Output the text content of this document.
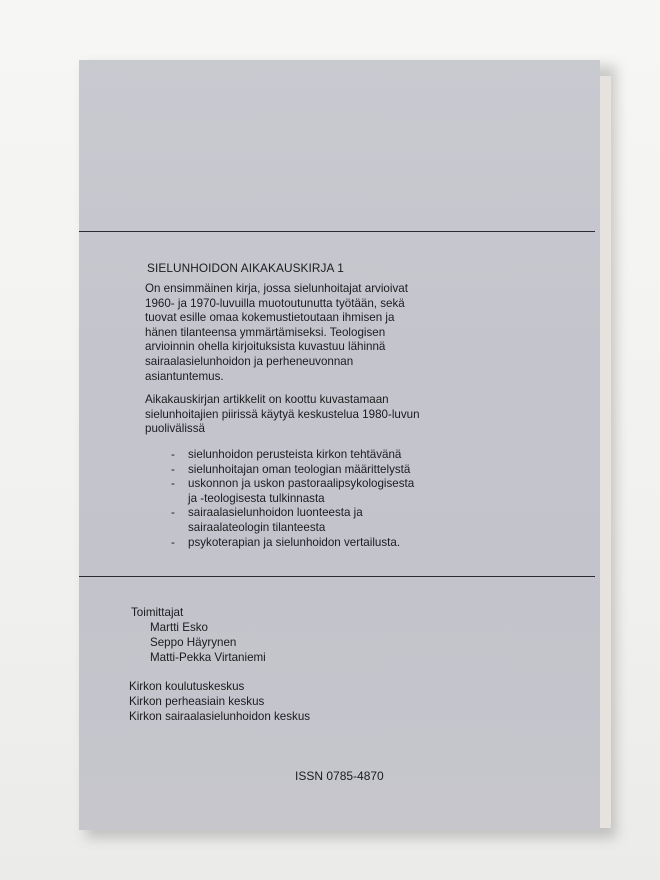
SIELUNHOIDON AIKAKAUSKIRJA 1
On ensimmäinen kirja, jossa sielunhoitajat arvioivat
1960- ja 1970-luvuilla muotoutunutta työtään, sekä
tuovat esille omaa kokemustietoutaan ihmisen ja
hänen tilanteensa ymmärtämiseksi. Teologisen
arvioinnin ohella kirjoituksista kuvastuu lähinnä
sairaalasielunhoidon ja perheneuvonnan
asiantuntemus.
Aikakauskirjan artikkelit on koottu kuvastamaan
sielunhoitajien piirissä käytyä keskustelua 1980-luvun
puolivälissä
-	sielunhoidon perusteista kirkon tehtävänä
-	sielunhoitajan oman teologian määrittelystä
-	uskonnon ja uskon pastoraalipsykologisesta
ja -teologisesta tulkinnasta
-	sairaalasielunhoidon luonteesta ja
sairaalateologin tilanteesta
-	psykoterapian ja sielunhoidon vertailusta.
Toimittajat
Martti Esko
Seppo Häyrynen
Matti-Pekka Virtaniemi
Kirkon koulutuskeskus
Kirkon perheasiain keskus
Kirkon sairaalasielunhoidon keskus
ISSN 0785-4870
